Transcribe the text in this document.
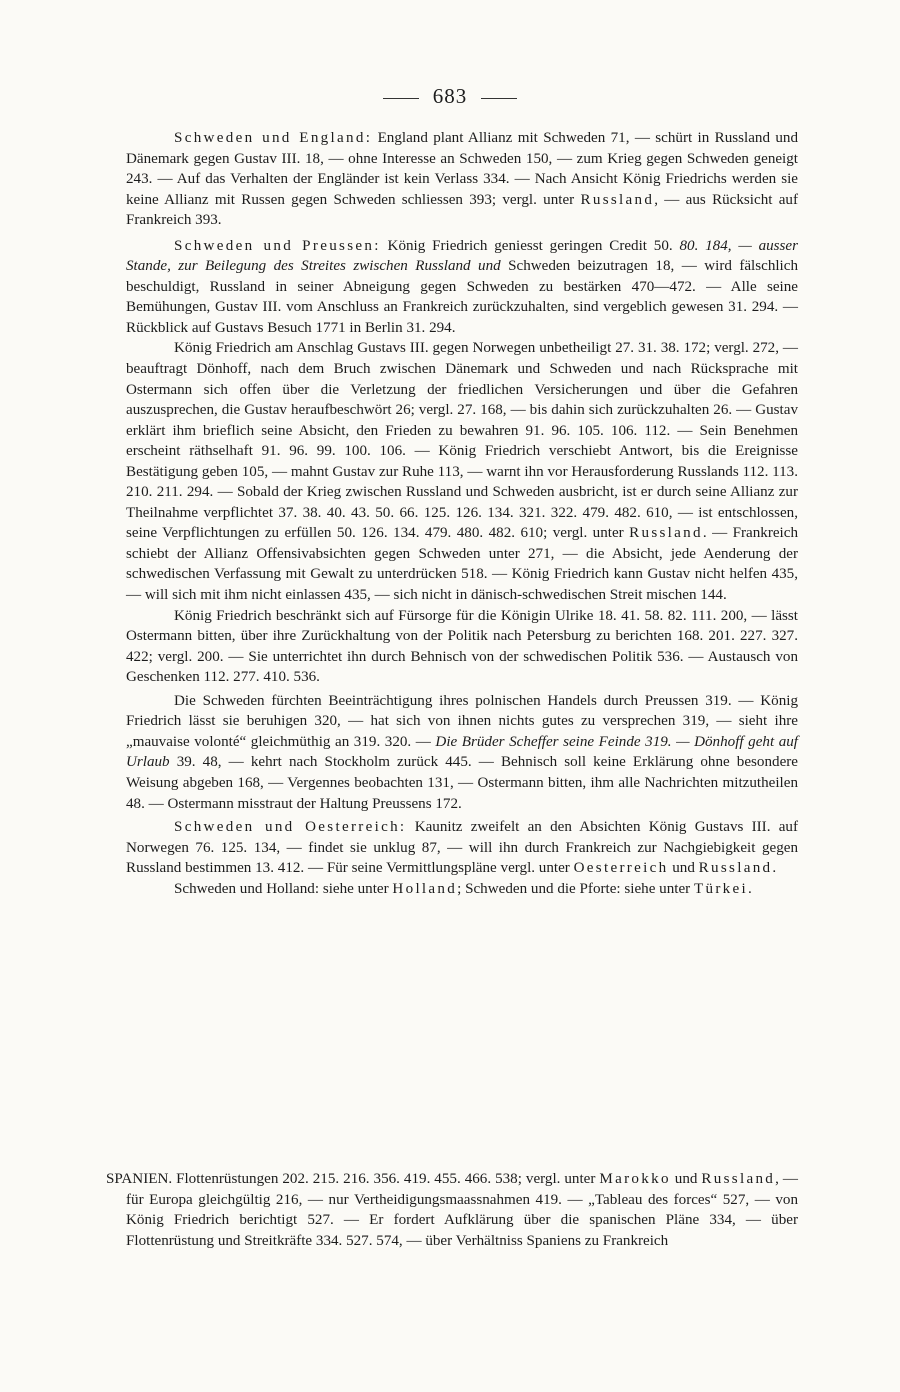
683

Schweden und England: England plant Allianz mit Schweden 71, — schürt in Russland und Dänemark gegen Gustav III. 18, — ohne Interesse an Schweden 150, — zum Krieg gegen Schweden geneigt 243. — Auf das Verhalten der Engländer ist kein Verlass 334. — Nach Ansicht König Friedrichs werden sie keine Allianz mit Russen gegen Schweden schliessen 393; vergl. unter Russland, — aus Rücksicht auf Frankreich 393.

Schweden und Preussen: König Friedrich geniesst geringen Credit 50. 80. 184, — ausser Stande, zur Beilegung des Streites zwischen Russland und Schweden beizutragen 18, — wird fälschlich beschuldigt, Russland in seiner Abneigung gegen Schweden zu bestärken 470—472. — Alle seine Bemühungen, Gustav III. vom Anschluss an Frankreich zurückzuhalten, sind vergeblich gewesen 31. 294. — Rückblick auf Gustavs Besuch 1771 in Berlin 31. 294.

König Friedrich am Anschlag Gustavs III. gegen Norwegen unbetheiligt 27. 31. 38. 172; vergl. 272, — beauftragt Dönhoff, nach dem Bruch zwischen Dänemark und Schweden und nach Rücksprache mit Ostermann sich offen über die Verletzung der friedlichen Versicherungen und über die Gefahren auszusprechen, die Gustav heraufbeschwört 26; vergl. 27. 168, — bis dahin sich zurückzuhalten 26. — Gustav erklärt ihm brieflich seine Absicht, den Frieden zu bewahren 91. 96. 105. 106. 112. — Sein Benehmen erscheint räthselhaft 91. 96. 99. 100. 106. — König Friedrich verschiebt Antwort, bis die Ereignisse Bestätigung geben 105, — mahnt Gustav zur Ruhe 113, — warnt ihn vor Herausforderung Russlands 112. 113. 210. 211. 294. — Sobald der Krieg zwischen Russland und Schweden ausbricht, ist er durch seine Allianz zur Theilnahme verpflichtet 37. 38. 40. 43. 50. 66. 125. 126. 134. 321. 322. 479. 482. 610, — ist entschlossen, seine Verpflichtungen zu erfüllen 50. 126. 134. 479. 480. 482. 610; vergl. unter Russland. — Frankreich schiebt der Allianz Offensivabsichten gegen Schweden unter 271, — die Absicht, jede Aenderung der schwedischen Verfassung mit Gewalt zu unterdrücken 518. — König Friedrich kann Gustav nicht helfen 435, — will sich mit ihm nicht einlassen 435, — sich nicht in dänisch-schwedischen Streit mischen 144.

König Friedrich beschränkt sich auf Fürsorge für die Königin Ulrike 18. 41. 58. 82. 111. 200, — lässt Ostermann bitten, über ihre Zurückhaltung von der Politik nach Petersburg zu berichten 168. 201. 227. 327. 422; vergl. 200. — Sie unterrichtet ihn durch Behnisch von der schwedischen Politik 536. — Austausch von Geschenken 112. 277. 410. 536.

Die Schweden fürchten Beeinträchtigung ihres polnischen Handels durch Preussen 319. — König Friedrich lässt sie beruhigen 320, — hat sich von ihnen nichts gutes zu versprechen 319, — sieht ihre „mauvaise volonté“ gleichmüthig an 319. 320. — Die Brüder Scheffer seine Feinde 319. — Dönhoff geht auf Urlaub 39. 48, — kehrt nach Stockholm zurück 445. — Behnisch soll keine Erklärung ohne besondere Weisung abgeben 168, — Vergennes beobachten 131, — Ostermann bitten, ihm alle Nachrichten mitzutheilen 48. — Ostermann misstraut der Haltung Preussens 172.

Schweden und Oesterreich: Kaunitz zweifelt an den Absichten König Gustavs III. auf Norwegen 76. 125. 134, — findet sie unklug 87, — will ihn durch Frankreich zur Nachgiebigkeit gegen Russland bestimmen 13. 412. — Für seine Vermittlungspläne vergl. unter Oesterreich und Russland.

Schweden und Holland: siehe unter Holland; Schweden und die Pforte: siehe unter Türkei.

SPANIEN. Flottenrüstungen 202. 215. 216. 356. 419. 455. 466. 538; vergl. unter Marokko und Russland, — für Europa gleichgültig 216, — nur Vertheidigungsmaassnahmen 419. — „Tableau des forces“ 527, — von König Friedrich berichtigt 527. — Er fordert Aufklärung über die spanischen Pläne 334, — über Flottenrüstung und Streitkräfte 334. 527. 574, — über Verhältniss Spaniens zu Frankreich
